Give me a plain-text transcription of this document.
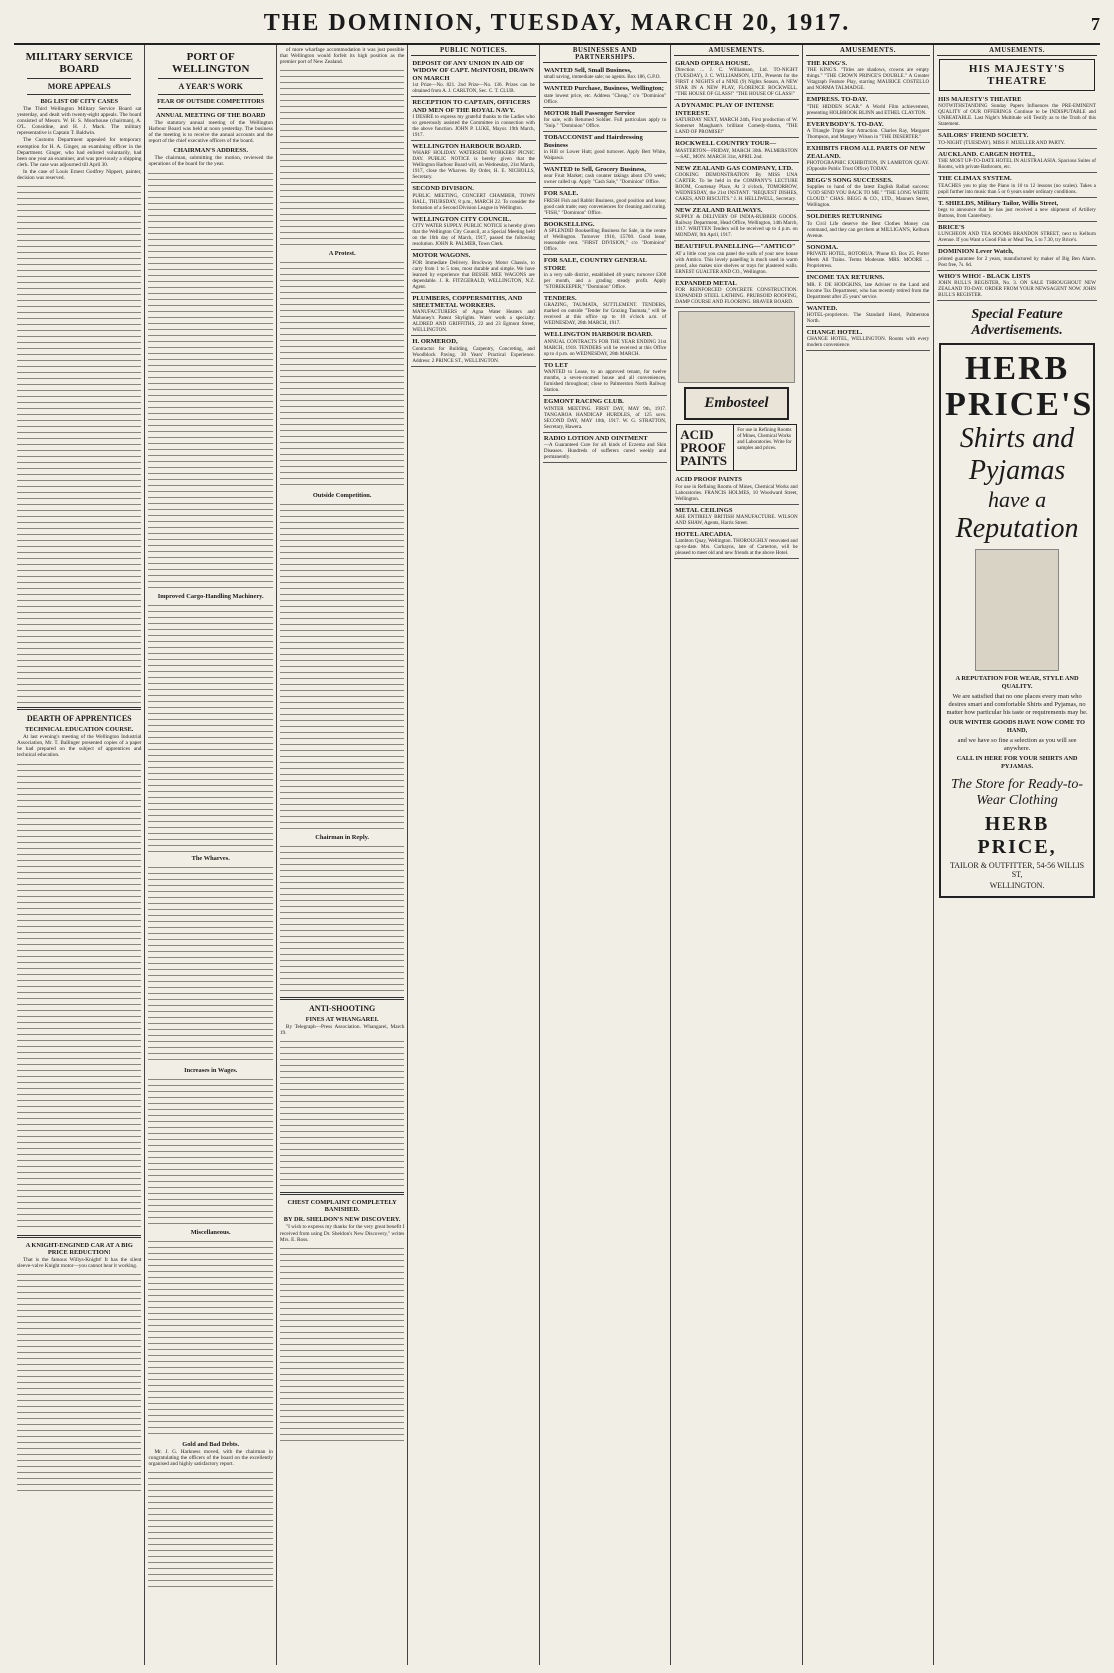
THE DOMINION, TUESDAY, MARCH 20, 1917.	7
MILITARY SERVICE BOARD
MORE APPEALS
BIG LIST OF CITY CASES

The Third Wellington Military Service Board sat yesterday, and dealt with twenty-eight appeals. The board consisted of Messrs. W. H. S. Moorhouse (chairman), A. O'L. Considine, and H. J. Mack. The military representative is Captain T. Baldwin.

The Customs Department appealed for temporary exemption for H. A. Ginger, an examining officer in the Department. Ginger, who had enlisted voluntarily, had been one year an examiner, and was previously a shipping clerk. The case was adjourned till April 30.

In the case of Louis Ernest Godfrey Nippert, painter, decision was reserved.

DEARTH OF APPRENTICES
TECHNICAL EDUCATION COURSE.

At last evening's meeting of the Wellington Industrial Association, Mr. T. Ballinger presented copies of a paper he had prepared on the subject of apprentices and technical education.

A KNIGHT-ENGINED CAR AT A BIG PRICE REDUCTION!

That is the famous Willys-Knight! It has the silent sleeve-valve Knight motor—you cannot hear it working.

PORT OF WELLINGTON
A YEAR'S WORK
FEAR OF OUTSIDE COMPETITORS
ANNUAL MEETING OF THE BOARD

The statutory annual meeting of the Wellington Harbour Board was held at noon yesterday. The business of the meeting is to receive the annual accounts and the report of the chief executive officers of the board.

CHAIRMAN'S ADDRESS.

The chairman, submitting the motion, reviewed the operations of the board for the year.

Improved Cargo-Handling Machinery.
The Wharves.
Increases in Wages.
Miscellaneous.
Gold and Bad Debts.

Mr. J. G. Harkness moved, with the chairman in congratulating the officers of the board on the excellently organised and highly satisfactory report.

of more wharfage accommodation it was just possible that Wellington would forfeit its high position as the premier port of New Zealand.

A Protest.
Outside Competition.
Chairman in Reply.
ANTI-SHOOTING
FINES AT WHANGAREI.

By Telegraph—Press Association. Whangarei, March 19.

CHEST COMPLAINT COMPLETELY BANISHED.
BY DR. SHELDON'S NEW DISCOVERY.

"I wish to express my thanks for the very great benefit I received from using Dr. Sheldon's New Discovery," writes Mrs. E. Ross.

PUBLIC NOTICES.
DEPOSIT OF ANY UNION IN AID OF WIDOW OF CAPT. McINTOSH, DRAWN ON MARCH
1st Prize—No. 821. 2nd Prize—No. 136. Prizes can be obtained from A. J. CARLTON, Sec. C. T. CLUB.
RECEPTION TO CAPTAIN, OFFICERS AND MEN OF THE ROYAL NAVY.
I DESIRE to express my grateful thanks to the Ladies who so generously assisted the Committee in connection with the above function. JOHN P. LUKE, Mayor. 19th March, 1917.
WELLINGTON HARBOUR BOARD.
WHARF HOLIDAY. WATERSIDE WORKERS' PICNIC DAY. PUBLIC NOTICE is hereby given that the Wellington Harbour Board will, on Wednesday, 21st March, 1917, close the Wharves. By Order, H. E. NICHOLLS, Secretary.
SECOND DIVISION.
PUBLIC MEETING, CONCERT CHAMBER, TOWN HALL, THURSDAY, 8 p.m., MARCH 22. To consider the formation of a Second Division League in Wellington.
WELLINGTON CITY COUNCIL.
CITY WATER SUPPLY. PUBLIC NOTICE is hereby given that the Wellington City Council, at a Special Meeting held on the 16th day of March, 1917, passed the following resolution. JOHN R. PALMER, Town Clerk.
MOTOR WAGONS.
FOR Immediate Delivery. Brockway Motor Chassis, to carry from 1 to 5 tons, most durable and simple. We have learned by experience that BESSIE MEE WAGONS are dependable. J. R. FITZGERALD, WELLINGTON, N.Z. Agent.
PLUMBERS, COPPERSMITHS, AND SHEETMETAL WORKERS.
MANUFACTURERS of Agna Water Heaters and Mahoney's Patent Skylights. Water work a specialty. ALDRED AND GRIFFITHS, 22 and 23 Egmont Street, WELLINGTON.
H. ORMEROD,
Contractor for Building, Carpentry, Concreting, and Woodblock Paving. 30 Years' Practical Experience. Address: 2 PRINCE ST., WELLINGTON.
BUSINESSES AND PARTNERSHIPS.
WANTED Sell, Small Business,
small saving, immediate sale; no agents. Box 186, G.P.O.
WANTED Purchase, Business, Wellington;
state lowest price, etc. Address "Cheap," c/o "Dominion" Office.
MOTOR Hall Passenger Service
for sale, with Returned Soldier. Full particulars apply to "Snip." "Dominion" Office.
TOBACCONIST and Hairdressing Business
in Hill or Lower Hutt; good turnover. Apply Bert White, Waipawa.
WANTED to Sell, Grocery Business,
near Fruit Market; cash counter takings about £70 week; owner called up. Apply "Cash Sale," "Dominion" Office.
FOR SALE.
FRESH Fish and Rabbit Business, good position and lease; good cash trade; easy conveniences for cleaning and curing. "FISH," "Dominion" Office.
BOOKSELLING.
A SPLENDID Bookselling Business for Sale, in the centre of Wellington. Turnover 1916, £5700. Good lease, reasonable rent. "FIRST DIVISION," c/o "Dominion" Office.
FOR SALE, COUNTRY GENERAL STORE
in a very safe district, established 40 years; turnover £300 per month, and a grading steady profit. Apply "STOREKEEPER," "Dominion" Office.
TENDERS.
GRAZING, TAUMATA, SUTTLEMENT. TENDERS, marked on outside "Tender for Grazing Taumata," will be received at this office up to 10 o'clock a.m. of WEDNESDAY, 28th MARCH, 1917.
WELLINGTON HARBOUR BOARD.
ANNUAL CONTRACTS FOR THE YEAR ENDING 31st MARCH, 1918. TENDERS will be received at this Office up to 4 p.m. on WEDNESDAY, 28th MARCH.
TO LET
WANTED to Lease, to an approved tenant, for twelve months, a seven-roomed house and all conveniences, furnished throughout; close to Palmerston North Railway Station.
EGMONT RACING CLUB.
WINTER MEETING. FIRST DAY, MAY 9th, 1917. TANGAROA HANDICAP HURDLES, of 125 sovs. SECOND DAY, MAY 10th, 1917. W. G. STRATTON, Secretary, Hawera.
RADIO LOTION AND OINTMENT
—A Guaranteed Cure for all kinds of Eczema and Skin Diseases. Hundreds of sufferers cured weekly and permanently.
AMUSEMENTS.
GRAND OPERA HOUSE.
Direction ... J. C. Williamson, Ltd. TO-NIGHT (TUESDAY), J. C. WILLIAMSON, LTD., Presents for the FIRST 4 NIGHTS of a NINE (9) Nights Season, A NEW STAR IN A NEW PLAY, FLORENCE ROCKWELL. "THE HOUSE OF GLASS!" "THE HOUSE OF GLASS!"
A DYNAMIC PLAY OF INTENSE INTEREST.
SATURDAY NEXT, MARCH 24th, First production of W. Somerset Maugham's brilliant Comedy-drama, "THE LAND OF PROMISE!"
ROCKWELL COUNTRY TOUR—
MASTERTON—FRIDAY, MARCH 30th. PALMERSTON—SAT., MON. MARCH 31st, APRIL 2nd.
NEW ZEALAND GAS COMPANY, LTD.
COOKING DEMONSTRATION By MISS UNA CARTER. To be held in the COMPANY'S LECTURE ROOM, Courtenay Place, At 3 o'clock, TOMORROW, WEDNESDAY, the 21st INSTANT. "REQUEST DISHES, CAKES, AND BISCUITS." J. H. HELLIWELL, Secretary.
NEW ZEALAND RAILWAYS.
SUPPLY & DELIVERY OF INDIA-RUBBER GOODS. Railway Department, Head Office, Wellington, 14th March, 1917. WRITTEN Tenders will be received up to 4 p.m. on MONDAY, 9th April, 1917.
BEAUTIFUL PANELLING—"AMTICO"
AT a little cost you can panel the walls of your new house with Amtico. This lovely panelling is much used in warm proof, also makes nice shelves or trays for plastered walls. ERNEST GUALTER AND CO., Wellington.
EXPANDED METAL
FOR REINFORCED CONCRETE CONSTRUCTION. EXPANDED STEEL LATHING. PRUBSOID ROOFING, DAMP COURSE AND FLOORING. BRAVER BOARD.
Embosteel
ACID PROOF PAINTS
For use in Refining Rooms of Mines, Chemical Works and Laboratories. Write for samples and prices.
ACID PROOF PAINTS
For use in Refining Rooms of Mines, Chemical Works and Laboratories. FRANCIS HOLMES, 10 Woodward Street, Wellington.
METAL CEILINGS
ARE ENTIRELY BRITISH MANUFACTURE. WILSON AND SHAW, Agents, Harris Street.
HOTEL ARCADIA.
Lambton Quay, Wellington. THOROUGHLY renovated and up-to-date. Mrs. Corhayns, late of Carterton, will be pleased to meet old and new friends at the above Hotel.
AMUSEMENTS.
THE KING'S.
THE KING'S. "Titles are shadows, crowns are empty things." "THE CROWN PRINCE'S DOUBLE." A Greater Vitagraph Feature Play, starring MAURICE COSTELLO and NORMA TALMADGE.
EMPRESS. TO-DAY.
"THE HIDDEN SCAR." A World Film achievement, presenting HOLBROOK BLINN and ETHEL CLAYTON.
EVERYBODY'S. TO-DAY.
A Triangle Triple Star Attraction. Charles Ray, Margaret Thompson, and Margery Wilson in "THE DESERTER."
EXHIBITS FROM ALL PARTS OF NEW ZEALAND.
PHOTOGRAPHIC EXHIBITION, IN LAMBTON QUAY. (Opposite Public Trust Office) TODAY.
BEGG'S SONG SUCCESSES.
Supplies to hand of the latest English Ballad success: "GOD SEND YOU BACK TO ME." "THE LONG WHITE CLOUD." CHAS. BEGG & CO., LTD., Manners Street, Wellington.
SOLDIERS RETURNING
To Civil Life deserve the Best Clothes Money can command, and they can get them at MILLIGAN'S, Kelburn Avenue.
SONOMA.
PRIVATE HOTEL, ROTORUA. 'Phone 83. Box 25. Porter Meets All Trains. Terms Moderate. MRS. MOORE ... Proprietress.
INCOME TAX RETURNS.
MR. F. DE HODGKINS, late Adviser to the Land and Income Tax Department, who has recently retired from the Department after 25 years' service.
WANTED.
HOTEL-proprietors. The Standard Hotel, Palmerston North.
CHANGE HOTEL.
CHANGE HOTEL, WELLINGTON. Rooms with every modern convenience.
AMUSEMENTS.
HIS MAJESTY'S THEATRE
HIS MAJESTY'S THEATRE
NOTWITHSTANDING Sunday Papers Influences the PRE-EMINENT QUALITY of OUR OFFERINGS Continue to be INDISPUTABLE and UNBEATABLE. Last Night's Multitude will Testify as to the Truth of this Statement.
SAILORS' FRIEND SOCIETY.
TO-NIGHT (TUESDAY). MISS F. MUELLER AND PARTY.
AUCKLAND. CARGEN HOTEL,
THE MOST UP-TO-DATE HOTEL IN AUSTRALASIA. Spacious Suites of Rooms, with private Bathroom, etc.
THE CLIMAX SYSTEM.
TEACHES you to play the Piano in 10 to 12 lessons (no scales). Takes a pupil further into music than 5 or 6 years under ordinary conditions.
T. SHIELDS, Military Tailor, Willis Street,
begs to announce that he has just received a new shipment of Artillery Buttons, from Canterbury.
BRICE'S
LUNCHEON AND TEA ROOMS BRANDON STREET, next to Kelburn Avenue. If you Want a Good Fish or Meal Tea, 5 to 7.30, try Brice's.
DOMINION Lever Watch,
printed guarantee for 2 years, manufactured by maker of Big Ben Alarm. Post free, 7s. 6d.
WHO'S WHO! - BLACK LISTS
JOHN BULL'S REGISTER, No. 3. ON SALE THROUGHOUT NEW ZEALAND TO-DAY. ORDER FROM YOUR NEWSAGENT NOW. JOHN BULL'S REGISTER.
Special Feature Advertisements.
HERB
PRICE'S
Shirts and
Pyjamas
have a
Reputation
A REPUTATION FOR WEAR, STYLE AND QUALITY.
We are satisfied that no one places every man who desires smart and comfortable Shirts and Pyjamas, no matter how particular his taste or requirements may be.
OUR WINTER GOODS HAVE NOW COME TO HAND,
and we have so fine a selection as you will see anywhere.
CALL IN HERE FOR YOUR SHIRTS AND PYJAMAS.
The Store for Ready-to-Wear Clothing
HERB PRICE,
TAILOR & OUTFITTER, 54-56 WILLIS ST,
WELLINGTON.
